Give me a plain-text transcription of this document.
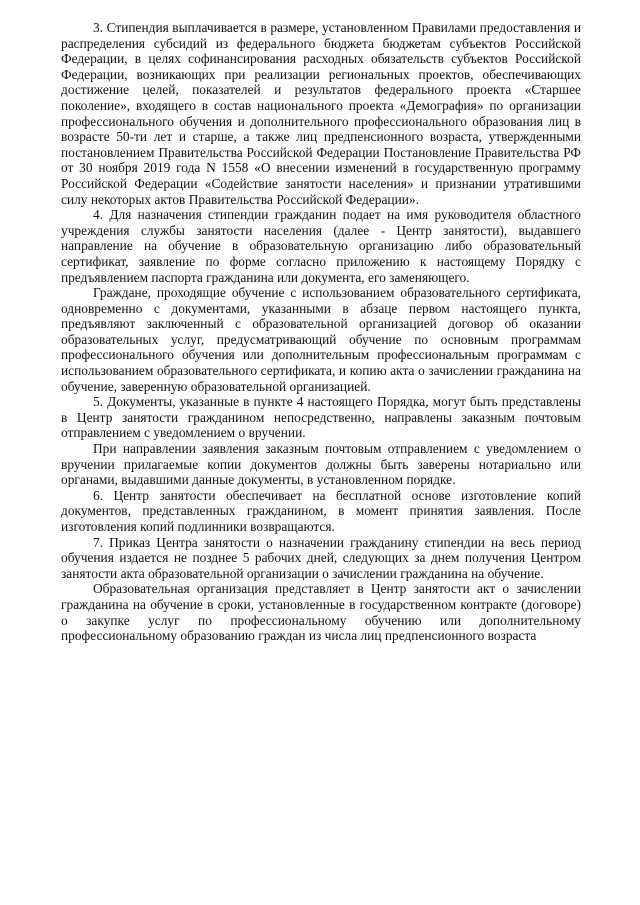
3. Стипендия выплачивается в размере, установленном Правилами предоставления и распределения субсидий из федерального бюджета бюджетам субъектов Российской Федерации, в целях софинансирования расходных обязательств субъектов Российской Федерации, возникающих при реализации региональных проектов, обеспечивающих достижение целей, показателей и результатов федерального проекта «Старшее поколение», входящего в состав национального проекта «Демография» по организации профессионального обучения и дополнительного профессионального образования лиц в возрасте 50-ти лет и старше, а также лиц предпенсионного возраста, утвержденными постановлением Правительства Российской Федерации Постановление Правительства РФ от 30 ноября 2019 года N 1558 «О внесении изменений в государственную программу Российской Федерации «Содействие занятости населения» и признании утратившими силу некоторых актов Правительства Российской Федерации».

4. Для назначения стипендии гражданин подает на имя руководителя областного учреждения службы занятости населения (далее - Центр занятости), выдавшего направление на обучение в образовательную организацию либо образовательный сертификат, заявление по форме согласно приложению к настоящему Порядку с предъявлением паспорта гражданина или документа, его заменяющего.

Граждане, проходящие обучение с использованием образовательного сертификата, одновременно с документами, указанными в абзаце первом настоящего пункта, предъявляют заключенный с образовательной организацией договор об оказании образовательных услуг, предусматривающий обучение по основным программам профессионального обучения или дополнительным профессиональным программам с использованием образовательного сертификата, и копию акта о зачислении гражданина на обучение, заверенную образовательной организацией.

5. Документы, указанные в пункте 4 настоящего Порядка, могут быть представлены в Центр занятости гражданином непосредственно, направлены заказным почтовым отправлением с уведомлением о вручении.

При направлении заявления заказным почтовым отправлением с уведомлением о вручении прилагаемые копии документов должны быть заверены нотариально или органами, выдавшими данные документы, в установленном порядке.

6. Центр занятости обеспечивает на бесплатной основе изготовление копий документов, представленных гражданином, в момент принятия заявления. После изготовления копий подлинники возвращаются.

7. Приказ Центра занятости о назначении гражданину стипендии на весь период обучения издается не позднее 5 рабочих дней, следующих за днем получения Центром занятости акта образовательной организации о зачислении гражданина на обучение.

Образовательная организация представляет в Центр занятости акт о зачислении гражданина на обучение в сроки, установленные в государственном контракте (договоре) о закупке услуг по профессиональному обучению или дополнительному профессиональному образованию граждан из числа лиц предпенсионного возраста
